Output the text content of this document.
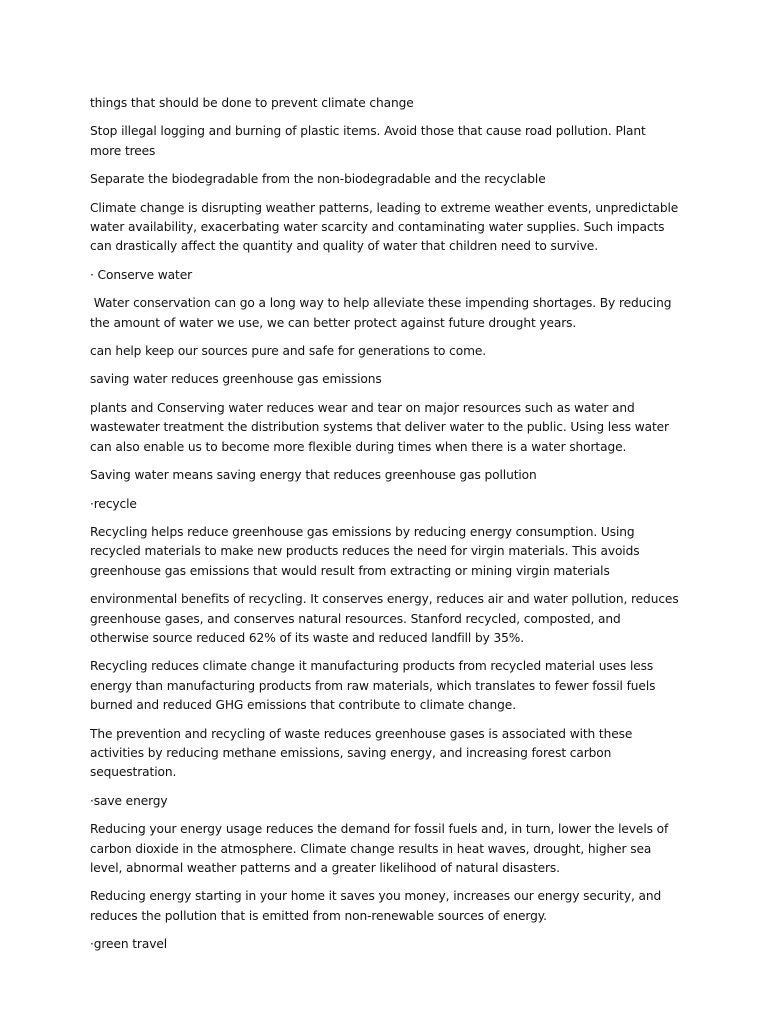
things that should be done to prevent climate change

Stop illegal logging and burning of plastic items. Avoid those that cause road pollution. Plant more trees

Separate the biodegradable from the non-biodegradable and the recyclable

Climate change is disrupting weather patterns, leading to extreme weather events, unpredictable water availability, exacerbating water scarcity and contaminating water supplies. Such impacts can drastically affect the quantity and quality of water that children need to survive.

· Conserve water

Water conservation can go a long way to help alleviate these impending shortages. By reducing the amount of water we use, we can better protect against future drought years.

can help keep our sources pure and safe for generations to come.

saving water reduces greenhouse gas emissions

plants and Conserving water reduces wear and tear on major resources such as water and wastewater treatment the distribution systems that deliver water to the public. Using less water can also enable us to become more flexible during times when there is a water shortage.

Saving water means saving energy that reduces greenhouse gas pollution

·recycle

Recycling helps reduce greenhouse gas emissions by reducing energy consumption. Using recycled materials to make new products reduces the need for virgin materials. This avoids greenhouse gas emissions that would result from extracting or mining virgin materials

environmental benefits of recycling. It conserves energy, reduces air and water pollution, reduces greenhouse gases, and conserves natural resources. Stanford recycled, composted, and otherwise source reduced 62% of its waste and reduced landfill by 35%.

Recycling reduces climate change it manufacturing products from recycled material uses less energy than manufacturing products from raw materials, which translates to fewer fossil fuels burned and reduced GHG emissions that contribute to climate change.

The prevention and recycling of waste reduces greenhouse gases is associated with these activities by reducing methane emissions, saving energy, and increasing forest carbon sequestration.

·save energy

Reducing your energy usage reduces the demand for fossil fuels and, in turn, lower the levels of carbon dioxide in the atmosphere. Climate change results in heat waves, drought, higher sea level, abnormal weather patterns and a greater likelihood of natural disasters.

Reducing energy starting in your home it saves you money, increases our energy security, and reduces the pollution that is emitted from non-renewable sources of energy.

·green travel
